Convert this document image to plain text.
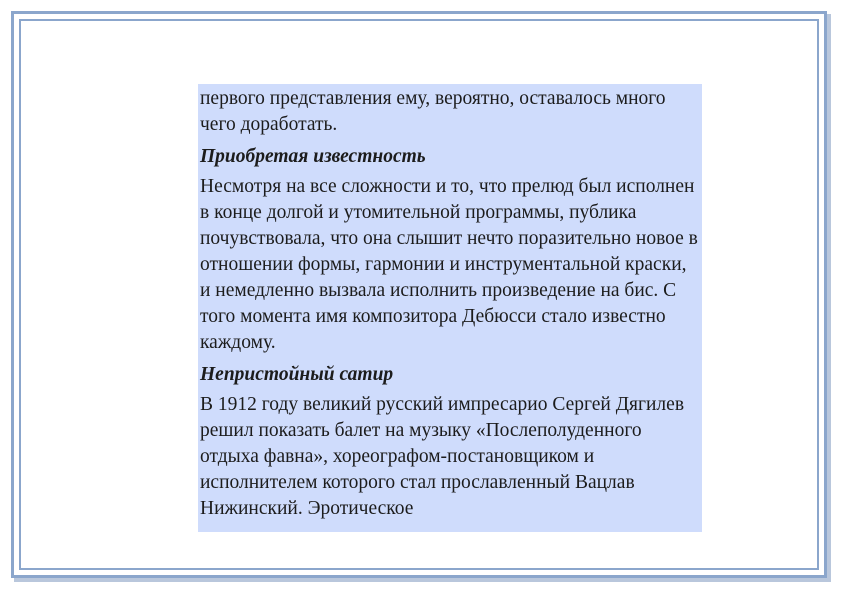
первого представления ему, вероятно, оставалось много чего доработать.

Приобретая известность

Несмотря на все сложности и то, что прелюд был исполнен в конце долгой и утомительной программы, публика почувствовала, что она слышит нечто поразительно новое в отношении формы, гармонии и инструментальной краски, и немедленно вызвала исполнить произведение на бис. С того момента имя композитора Дебюсси стало известно каждому.

Непристойный сатир

В 1912 году великий русский импресарио Сергей Дягилев решил показать балет на музыку «Послеполуденного отдыха фавна», хореографом-постановщиком и исполнителем которого стал прославленный Вацлав Нижинский. Эротическое
